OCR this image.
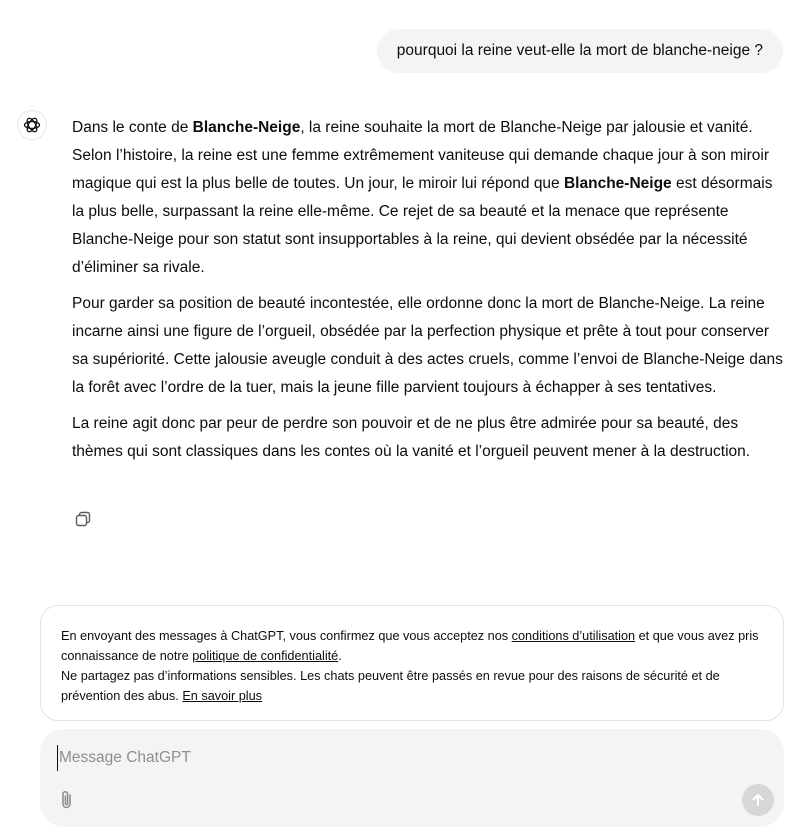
pourquoi la reine veut-elle la mort de blanche-neige ?

Dans le conte de Blanche-Neige, la reine souhaite la mort de Blanche-Neige par jalousie et vanité. Selon l’histoire, la reine est une femme extrêmement vaniteuse qui demande chaque jour à son miroir magique qui est la plus belle de toutes. Un jour, le miroir lui répond que Blanche-Neige est désormais la plus belle, surpassant la reine elle-même. Ce rejet de sa beauté et la menace que représente Blanche-Neige pour son statut sont insupportables à la reine, qui devient obsédée par la nécessité d’éliminer sa rivale.

Pour garder sa position de beauté incontestée, elle ordonne donc la mort de Blanche-Neige. La reine incarne ainsi une figure de l’orgueil, obsédée par la perfection physique et prête à tout pour conserver sa supériorité. Cette jalousie aveugle conduit à des actes cruels, comme l’envoi de Blanche-Neige dans la forêt avec l’ordre de la tuer, mais la jeune fille parvient toujours à échapper à ses tentatives.

La reine agit donc par peur de perdre son pouvoir et de ne plus être admirée pour sa beauté, des thèmes qui sont classiques dans les contes où la vanité et l’orgueil peuvent mener à la destruction.

En envoyant des messages à ChatGPT, vous confirmez que vous acceptez nos conditions d’utilisation et que vous avez pris connaissance de notre politique de confidentialité.
Ne partagez pas d’informations sensibles. Les chats peuvent être passés en revue pour des raisons de sécurité et de prévention des abus. En savoir plus
Message ChatGPT
